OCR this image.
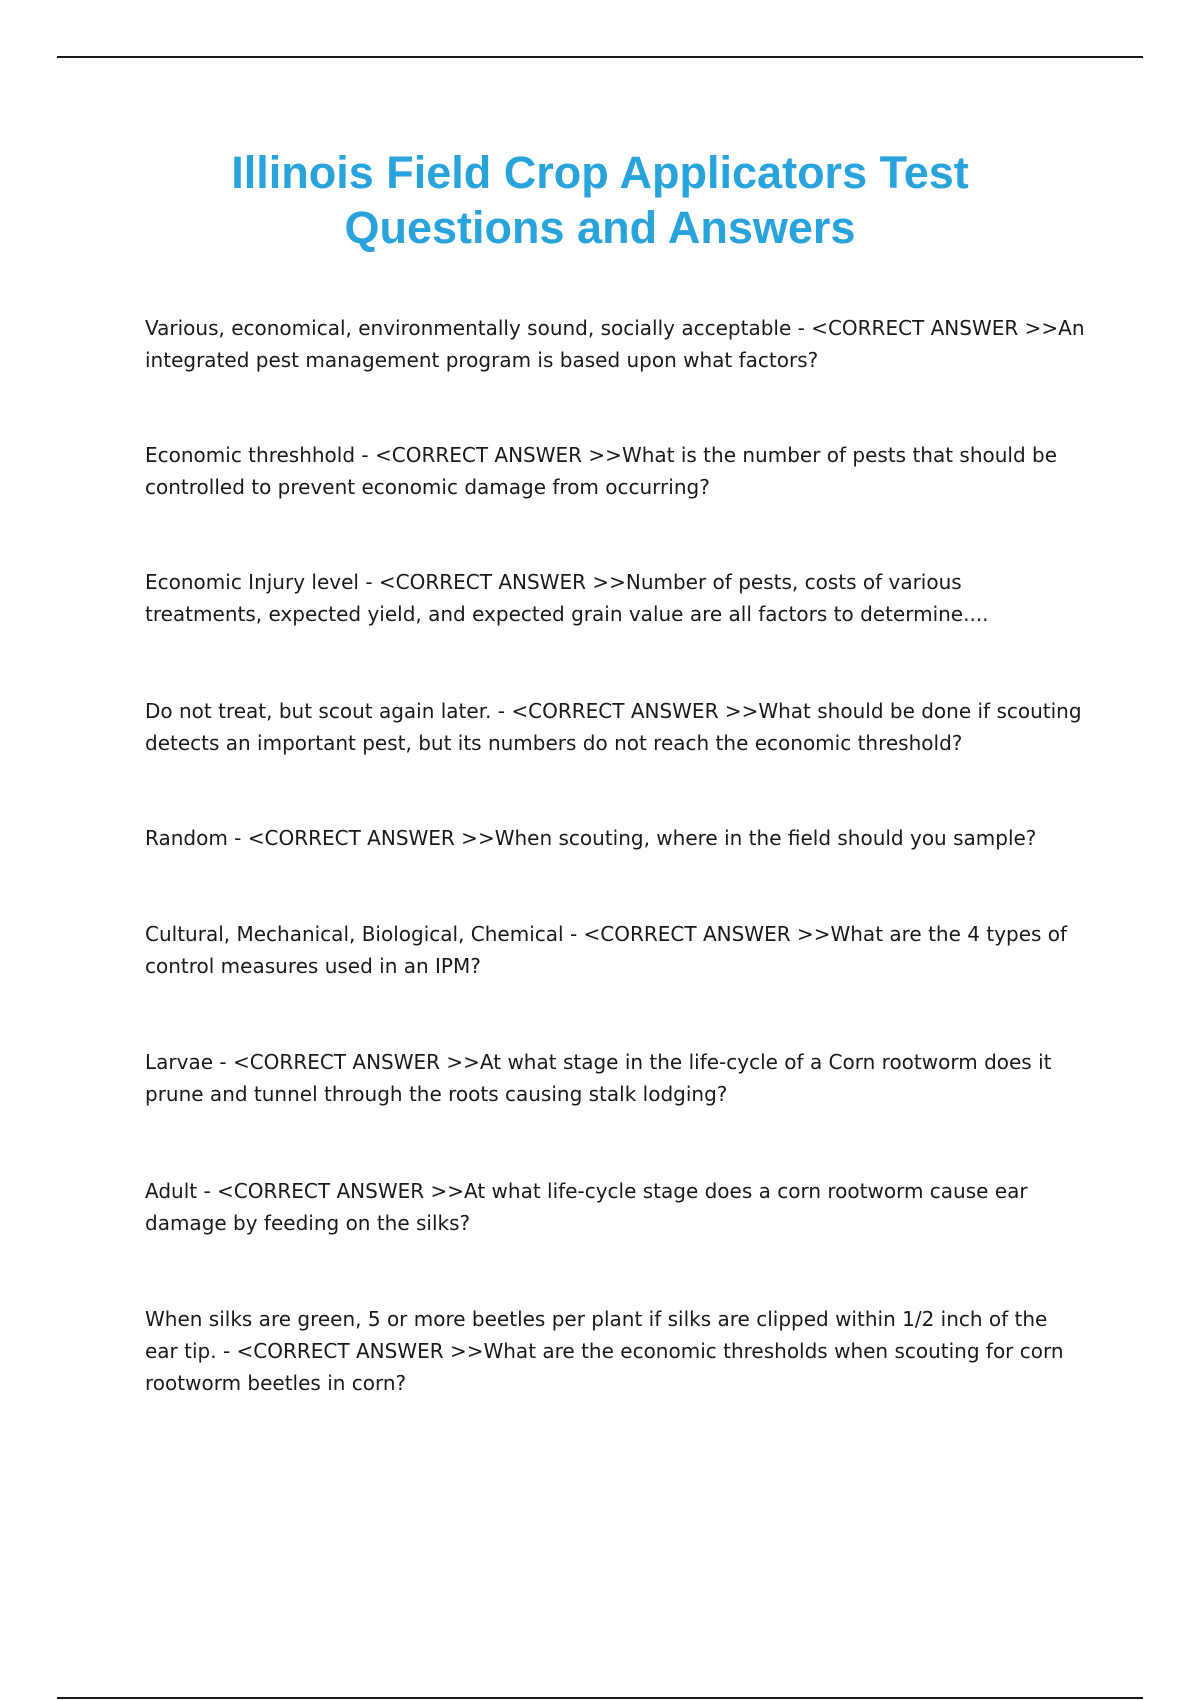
Illinois Field Crop Applicators Test
Questions and Answers

Various, economical, environmentally sound, socially acceptable - <CORRECT ANSWER >>An integrated pest management program is based upon what factors?

Economic threshhold - <CORRECT ANSWER >>What is the number of pests that should be controlled to prevent economic damage from occurring?

Economic Injury level - <CORRECT ANSWER >>Number of pests, costs of various treatments, expected yield, and expected grain value are all factors to determine....

Do not treat, but scout again later. - <CORRECT ANSWER >>What should be done if scouting detects an important pest, but its numbers do not reach the economic threshold?

Random - <CORRECT ANSWER >>When scouting, where in the field should you sample?

Cultural, Mechanical, Biological, Chemical - <CORRECT ANSWER >>What are the 4 types of control measures used in an IPM?

Larvae - <CORRECT ANSWER >>At what stage in the life-cycle of a Corn rootworm does it prune and tunnel through the roots causing stalk lodging?

Adult - <CORRECT ANSWER >>At what life-cycle stage does a corn rootworm cause ear damage by feeding on the silks?

When silks are green, 5 or more beetles per plant if silks are clipped within 1/2 inch of the ear tip. - <CORRECT ANSWER >>What are the economic thresholds when scouting for corn rootworm beetles in corn?
